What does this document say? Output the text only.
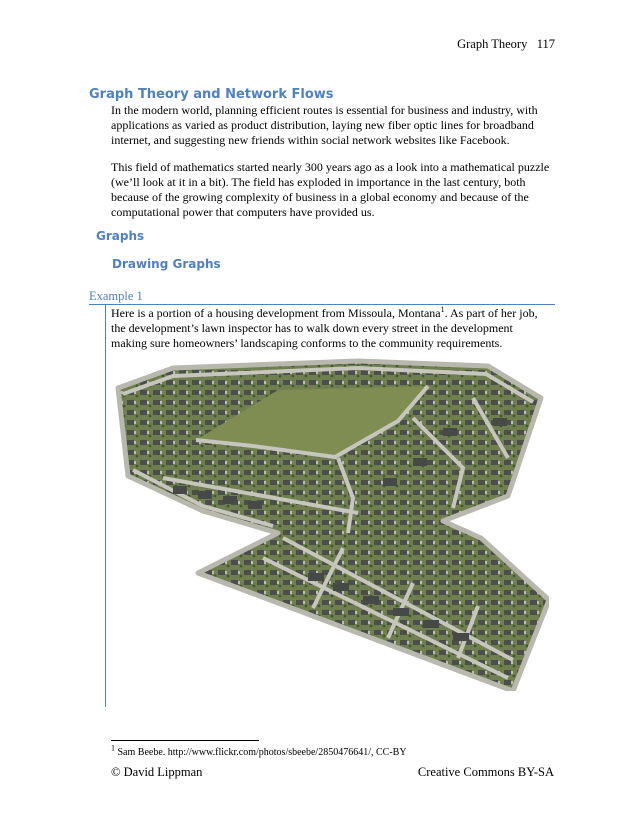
Graph Theory 117
Graph Theory and Network Flows
In the modern world, planning efficient routes is essential for business and industry, with applications as varied as product distribution, laying new fiber optic lines for broadband internet, and suggesting new friends within social network websites like Facebook.
This field of mathematics started nearly 300 years ago as a look into a mathematical puzzle (we’ll look at it in a bit). The field has exploded in importance in the last century, both because of the growing complexity of business in a global economy and because of the computational power that computers have provided us.
Graphs
Drawing Graphs
Example 1
Here is a portion of a housing development from Missoula, Montana$^1$. As part of her job, the development’s lawn inspector has to walk down every street in the development making sure homeowners’ landscaping conforms to the community requirements.
$^1$ Sam Beebe. http://www.flickr.com/photos/sbeebe/2850476641/, CC-BY
© David Lippman	Creative Commons BY-SA
